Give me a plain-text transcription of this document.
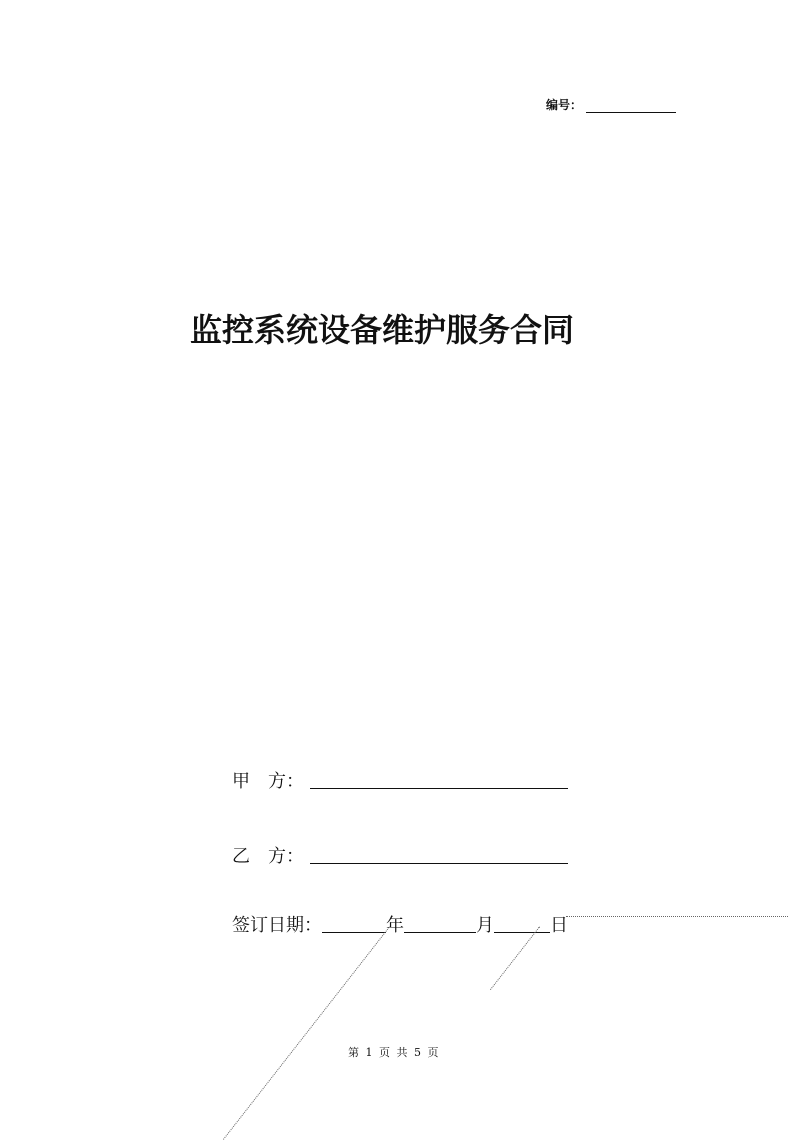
编号：
监控系统设备维护服务合同
甲　方：
乙　方：
签订日期：	年	月	日
第 1 页 共 5 页
